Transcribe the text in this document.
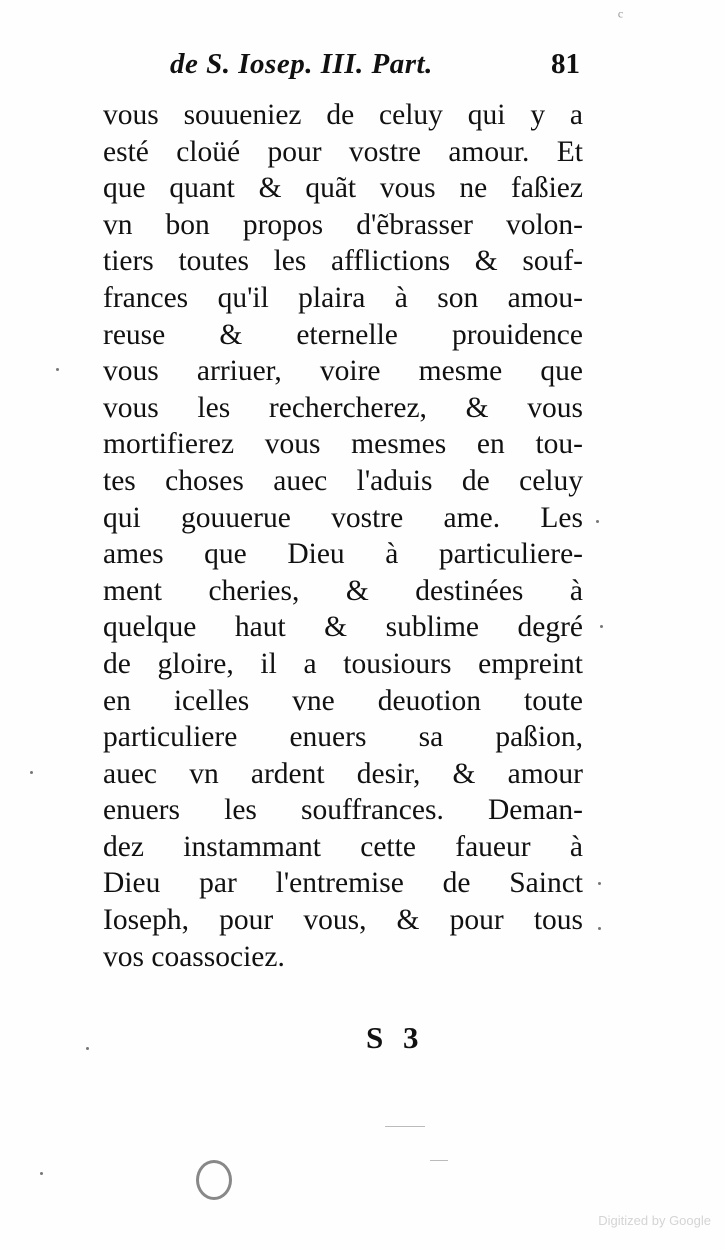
ᶜ
de S. Iosep. III. Part.	81
vous souueniez de celuy qui y a
esté cloüé pour vostre amour. Et
que quant & quãt vous ne faßiez
vn bon propos d'ẽbrasser volon-
tiers toutes les afflictions & souf-
frances qu'il plaira à son amou-
reuse & eternelle prouidence
vous arriuer, voire mesme que
vous les rechercherez, & vous
mortifierez vous mesmes en tou-
tes choses auec l'aduis de celuy
qui gouuerue vostre ame. Les
ames que Dieu à particuliere-
ment cheries, & destinées à
quelque haut & sublime degré
de gloire, il a tousiours empreint
en icelles vne deuotion toute
particuliere enuers sa paßion,
auec vn ardent desir, & amour
enuers les souffrances. Deman-
dez instammant cette faueur à
Dieu par l'entremise de Sainct
Ioseph, pour vous, & pour tous
vos coassociez.
S 3
Digitized by Google
